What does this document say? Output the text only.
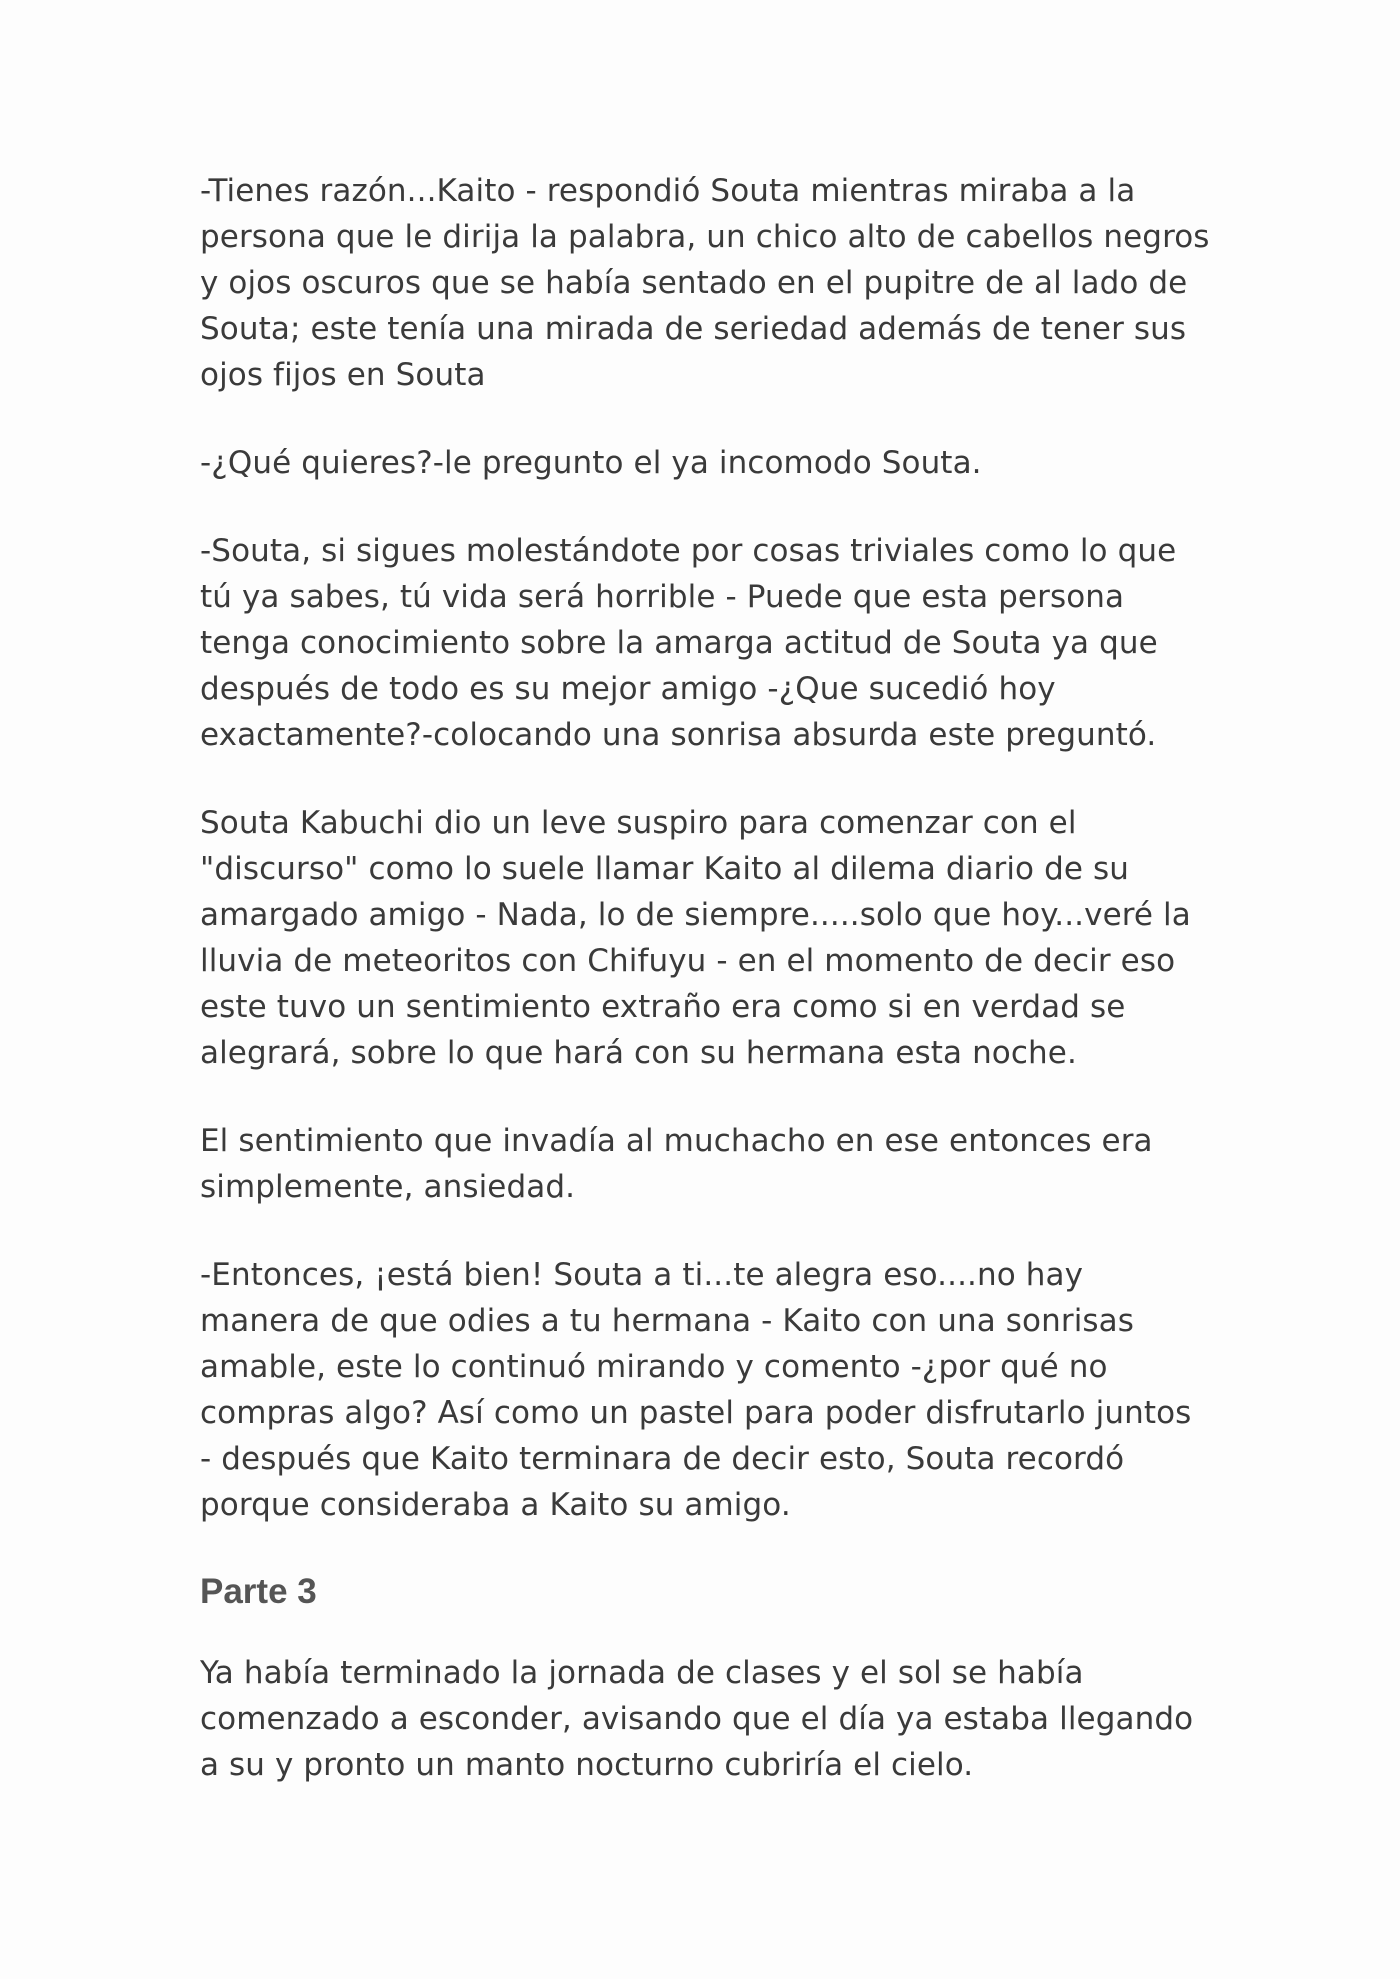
-Tienes razón...Kaito - respondió Souta mientras miraba a la persona que le dirija la palabra, un chico alto de cabellos negros y ojos oscuros que se había sentado en el pupitre de al lado de Souta; este tenía una mirada de seriedad además de tener sus ojos fijos en Souta

-¿Qué quieres?-le pregunto el ya incomodo Souta.

-Souta, si sigues molestándote por cosas triviales como lo que tú ya sabes, tú vida será horrible - Puede que esta persona tenga conocimiento sobre la amarga actitud de Souta ya que después de todo es su mejor amigo -¿Que sucedió hoy exactamente?-colocando una sonrisa absurda este preguntó.

Souta Kabuchi dio un leve suspiro para comenzar con el "discurso" como lo suele llamar Kaito al dilema diario de su amargado amigo - Nada, lo de siempre.....solo que hoy...veré la lluvia de meteoritos con Chifuyu - en el momento de decir eso este tuvo un sentimiento extraño era como si en verdad se alegrará, sobre lo que hará con su hermana esta noche.

El sentimiento que invadía al muchacho en ese entonces era simplemente, ansiedad.

-Entonces, ¡está bien! Souta a ti...te alegra eso....no hay manera de que odies a tu hermana - Kaito con una sonrisas amable, este lo continuó mirando y comento -¿por qué no compras algo? Así como un pastel para poder disfrutarlo juntos - después que Kaito terminara de decir esto, Souta recordó porque consideraba a Kaito su amigo.

Parte 3

Ya había terminado la jornada de clases y el sol se había comenzado a esconder, avisando que el día ya estaba llegando a su y pronto un manto nocturno cubriría el cielo.
